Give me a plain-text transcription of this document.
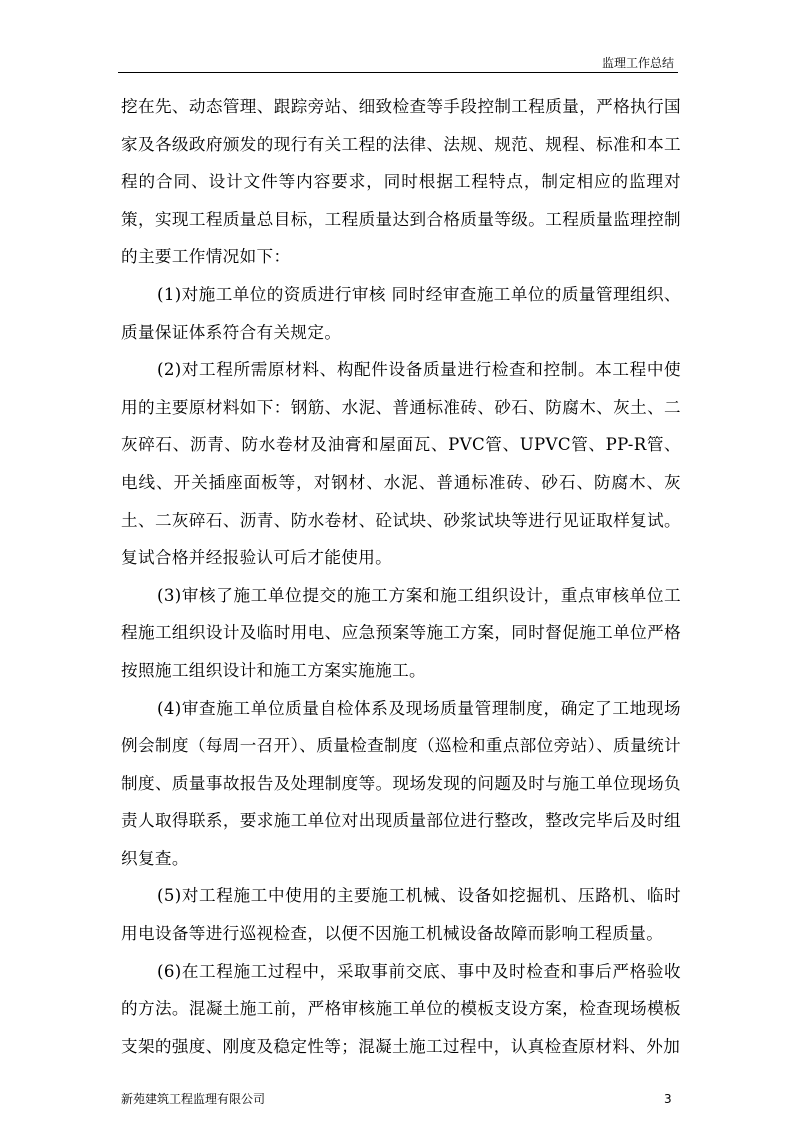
监理工作总结

挖在先、动态管理、跟踪旁站、细致检查等手段控制工程质量，严格执行国家及各级政府颁发的现行有关工程的法律、法规、规范、规程、标准和本工程的合同、设计文件等内容要求，同时根据工程特点，制定相应的监理对策，实现工程质量总目标，工程质量达到合格质量等级。工程质量监理控制的主要工作情况如下：

(1)对施工单位的资质进行审核 同时经审查施工单位的质量管理组织、质量保证体系符合有关规定。

(2)对工程所需原材料、构配件设备质量进行检查和控制。本工程中使用的主要原材料如下：钢筋、水泥、普通标准砖、砂石、防腐木、灰土、二灰碎石、沥青、防水卷材及油膏和屋面瓦、PVC管、UPVC管、PP-R管、电线、开关插座面板等，对钢材、水泥、普通标准砖、砂石、防腐木、灰土、二灰碎石、沥青、防水卷材、砼试块、砂浆试块等进行见证取样复试。复试合格并经报验认可后才能使用。

(3)审核了施工单位提交的施工方案和施工组织设计，重点审核单位工程施工组织设计及临时用电、应急预案等施工方案，同时督促施工单位严格按照施工组织设计和施工方案实施施工。

(4)审查施工单位质量自检体系及现场质量管理制度，确定了工地现场例会制度（每周一召开）、质量检查制度（巡检和重点部位旁站）、质量统计制度、质量事故报告及处理制度等。现场发现的问题及时与施工单位现场负责人取得联系，要求施工单位对出现质量部位进行整改，整改完毕后及时组织复查。

(5)对工程施工中使用的主要施工机械、设备如挖掘机、压路机、临时用电设备等进行巡视检查，以便不因施工机械设备故障而影响工程质量。

(6)在工程施工过程中，采取事前交底、事中及时检查和事后严格验收的方法。混凝土施工前，严格审核施工单位的模板支设方案，检查现场模板支架的强度、刚度及稳定性等；混凝土施工过程中，认真检查原材料、外加

新苑建筑工程监理有限公司	3
